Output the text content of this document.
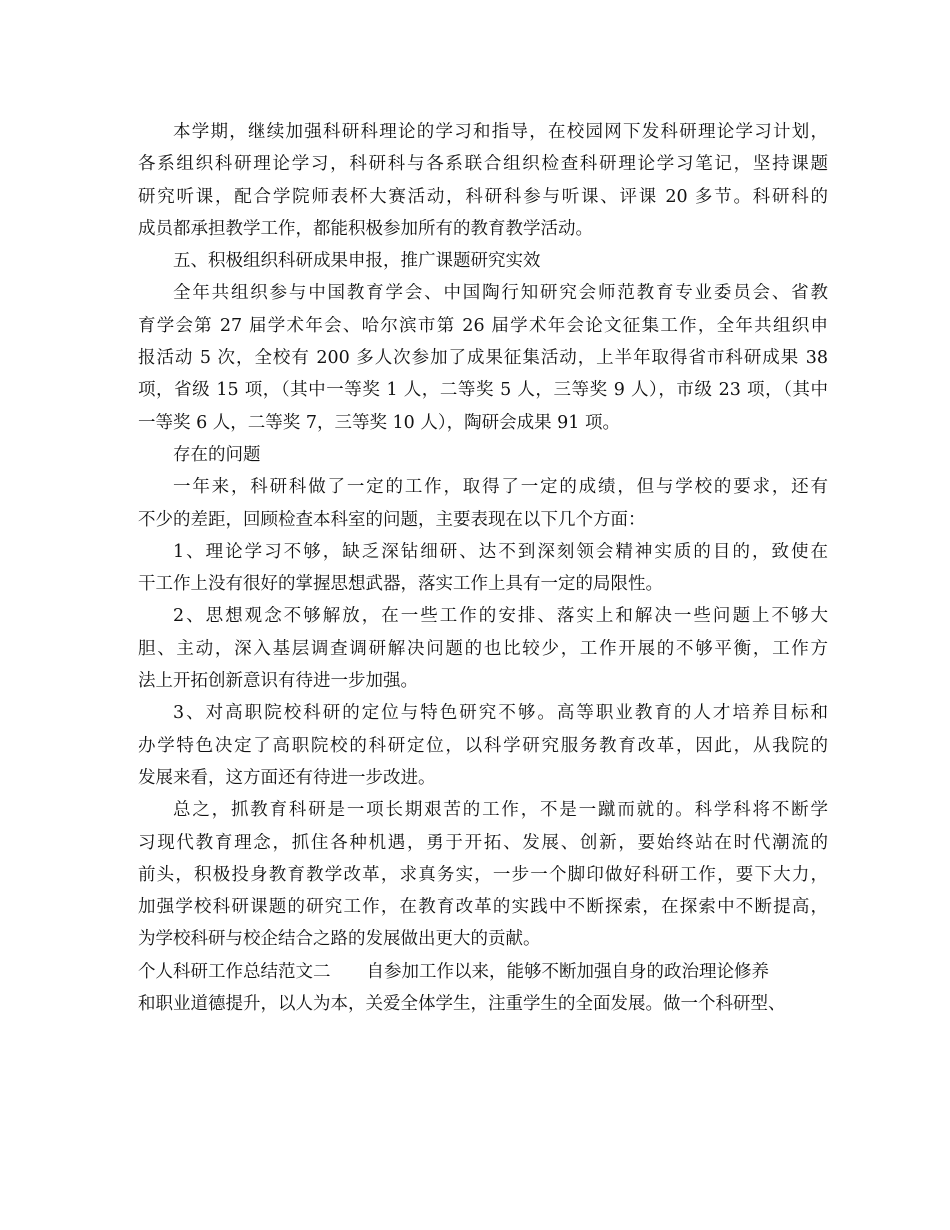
本学期，继续加强科研科理论的学习和指导，在校园网下发科研理论学习计划，
各系组织科研理论学习，科研科与各系联合组织检查科研理论学习笔记，坚持课题
研究听课，配合学院师表杯大赛活动，科研科参与听课、评课 20 多节。科研科的
成员都承担教学工作，都能积极参加所有的教育教学活动。
五、积极组织科研成果申报，推广课题研究实效
全年共组织参与中国教育学会、中国陶行知研究会师范教育专业委员会、省教
育学会第 27 届学术年会、哈尔滨市第 26 届学术年会论文征集工作，全年共组织申
报活动 5 次，全校有 200 多人次参加了成果征集活动，上半年取得省市科研成果 38
项，省级 15 项，（其中一等奖 1 人，二等奖 5 人，三等奖 9 人），市级 23 项，（其中
一等奖 6 人，二等奖 7，三等奖 10 人），陶研会成果 91 项。
存在的问题
一年来，科研科做了一定的工作，取得了一定的成绩，但与学校的要求，还有
不少的差距，回顾检查本科室的问题，主要表现在以下几个方面：
1、理论学习不够，缺乏深钻细研、达不到深刻领会精神实质的目的，致使在
干工作上没有很好的掌握思想武器，落实工作上具有一定的局限性。
2、思想观念不够解放，在一些工作的安排、落实上和解决一些问题上不够大
胆、主动，深入基层调查调研解决问题的也比较少，工作开展的不够平衡，工作方
法上开拓创新意识有待进一步加强。
3、对高职院校科研的定位与特色研究不够。高等职业教育的人才培养目标和
办学特色决定了高职院校的科研定位，以科学研究服务教育改革，因此，从我院的
发展来看，这方面还有待进一步改进。
总之，抓教育科研是一项长期艰苦的工作，不是一蹴而就的。科学科将不断学
习现代教育理念，抓住各种机遇，勇于开拓、发展、创新，要始终站在时代潮流的
前头，积极投身教育教学改革，求真务实，一步一个脚印做好科研工作，要下大力，
加强学校科研课题的研究工作，在教育改革的实践中不断探索，在探索中不断提高，
为学校科研与校企结合之路的发展做出更大的贡献。
个人科研工作总结范文二 自参加工作以来，能够不断加强自身的政治理论修养
和职业道德提升，以人为本，关爱全体学生，注重学生的全面发展。做一个科研型、
